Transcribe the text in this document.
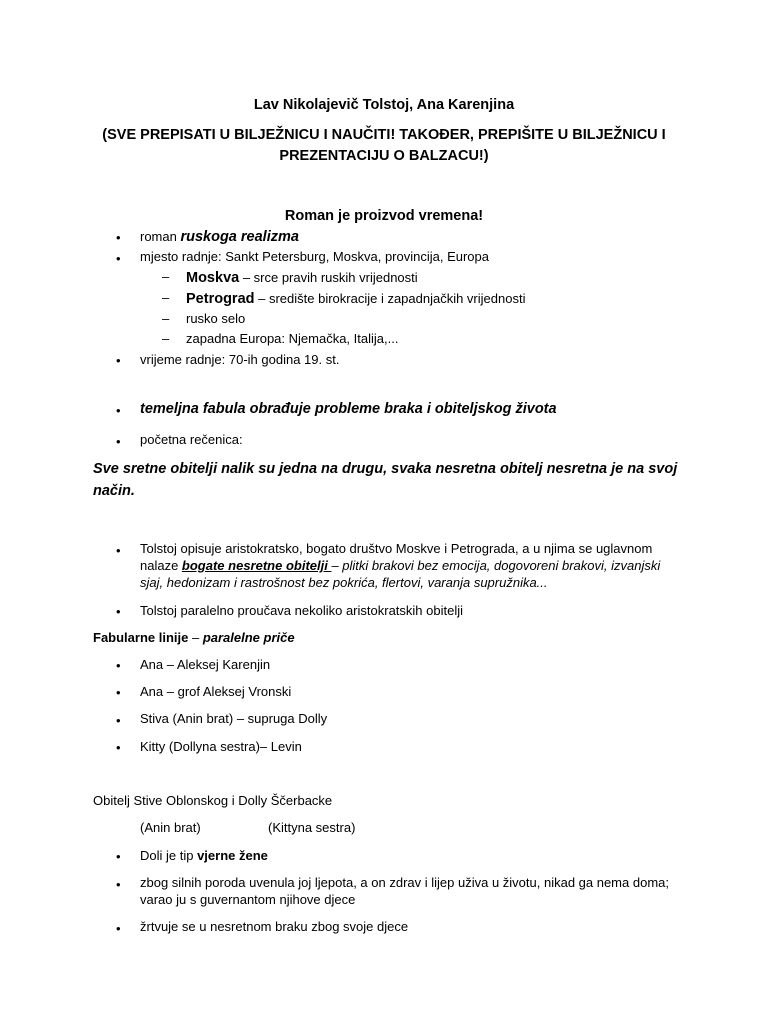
Lav Nikolajevič Tolstoj, Ana Karenjina

(SVE PREPISATI U BILJEŽNICU I NAUČITI! TAKOĐER, PREPIŠITE U BILJEŽNICU I

PREZENTACIJU O BALZACU!)

Roman je proizvod vremena!

• roman ruskoga realizma

• mjesto radnje: Sankt Petersburg, Moskva, provincija, Europa

–	Moskva – srce pravih ruskih vrijednosti

–	Petrograd – središte birokracije i zapadnjačkih vrijednosti

–	rusko selo

–	zapadna Europa: Njemačka, Italija,...

• vrijeme radnje: 70-ih godina 19. st.

• temeljna fabula obrađuje probleme braka i obiteljskog života

• početna rečenica:

Sve sretne obitelji nalik su jedna na drugu, svaka nesretna obitelj nesretna je na svoj

način.

• Tolstoj opisuje aristokratsko, bogato društvo Moskve i Petrograda, a u njima se uglavnom

nalaze bogate nesretne obitelji – plitki brakovi bez emocija, dogovoreni brakovi, izvanjski

sjaj, hedonizam i rastrošnost bez pokrića, flertovi, varanja supružnika...

• Tolstoj paralelno proučava nekoliko aristokratskih obitelji

Fabularne linije – paralelne priče

• Ana – Aleksej Karenjin

• Ana – grof Aleksej Vronski

• Stiva (Anin brat) – supruga Dolly

• Kitty (Dollyna sestra)– Levin

Obitelj Stive Oblonskog i Dolly Ščerbacke

(Anin brat)	(Kittyna sestra)

• Doli je tip vjerne žene

• zbog silnih poroda uvenula joj ljepota, a on zdrav i lijep uživa u životu, nikad ga nema doma;

varao ju s guvernantom njihove djece

• žrtvuje se u nesretnom braku zbog svoje djece
